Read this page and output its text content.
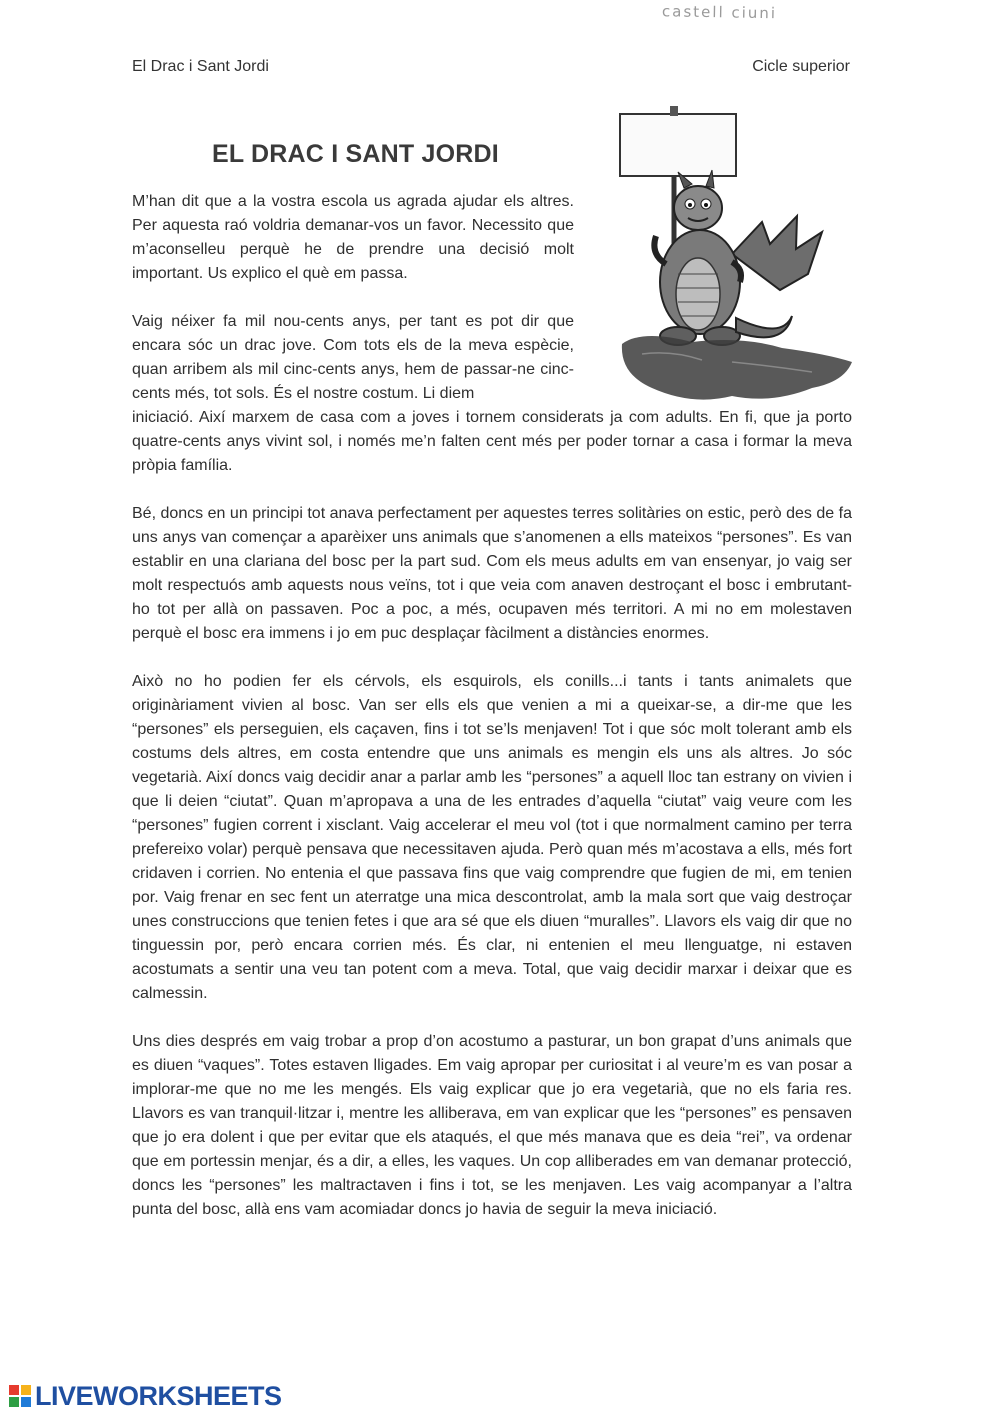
castell ciuni
El Drac i Sant Jordi	Cicle superior
EL DRAC I SANT JORDI

M’han dit que a la vostra escola us agrada ajudar els altres. Per aquesta raó voldria demanar-vos un favor. Necessito que m’aconselleu perquè he de prendre una decisió molt important. Us explico el què em passa.

Vaig néixer fa mil nou-cents anys, per tant es pot dir que encara sóc un drac jove. Com tots els de la meva espècie, quan arribem als mil cinc-cents anys, hem de passar-ne cinc-cents més, tot sols. És el nostre costum. Li diem

iniciació. Així marxem de casa com a joves i tornem considerats ja com adults. En fi, que ja porto quatre-cents anys vivint sol, i només me’n falten cent més per poder tornar a casa i formar la meva pròpia família.

Bé, doncs en un principi tot anava perfectament per aquestes terres solitàries on estic, però des de fa uns anys van començar a aparèixer uns animals que s’anomenen a ells mateixos “persones”. Es van establir en una clariana del bosc per la part sud. Com els meus adults em van ensenyar, jo vaig ser molt respectuós amb aquests nous veïns, tot i que veia com anaven destroçant el bosc i embrutant-ho tot per allà on passaven. Poc a poc, a més, ocupaven més territori. A mi no em molestaven perquè el bosc era immens i jo em puc desplaçar fàcilment a distàncies enormes.

Això no ho podien fer els cérvols, els esquirols, els conills...i tants i tants animalets que originàriament vivien al bosc. Van ser ells els que venien a mi a queixar-se, a dir-me que les “persones” els perseguien, els caçaven, fins i tot se’ls menjaven! Tot i que sóc molt tolerant amb els costums dels altres, em costa entendre que uns animals es mengin els uns als altres. Jo sóc vegetarià. Així doncs vaig decidir anar a parlar amb les “persones” a aquell lloc tan estrany on vivien i que li deien “ciutat”. Quan m’apropava a una de les entrades d’aquella “ciutat” vaig veure com les “persones” fugien corrent i xisclant. Vaig accelerar el meu vol (tot i que normalment camino per terra prefereixo volar) perquè pensava que necessitaven ajuda. Però quan més m’acostava a ells, més fort cridaven i corrien. No entenia el que passava fins que vaig comprendre que fugien de mi, em tenien por. Vaig frenar en sec fent un aterratge una mica descontrolat, amb la mala sort que vaig destroçar unes construccions que tenien fetes i que ara sé que els diuen “muralles”. Llavors els vaig dir que no tinguessin por, però encara corrien més. És clar, ni entenien el meu llenguatge, ni estaven acostumats a sentir una veu tan potent com a meva. Total, que vaig decidir marxar i deixar que es calmessin.

Uns dies després em vaig trobar a prop d’on acostumo a pasturar, un bon grapat d’uns animals que es diuen “vaques”. Totes estaven lligades. Em vaig apropar per curiositat i al veure’m es van posar a implorar-me que no me les mengés. Els vaig explicar que jo era vegetarià, que no els faria res. Llavors es van tranquil·litzar i, mentre les alliberava, em van explicar que les “persones” es pensaven que jo era dolent i que per evitar que els ataqués, el que més manava que es deia “rei”, va ordenar que em portessin menjar, és a dir, a elles, les vaques. Un cop alliberades em van demanar protecció, doncs les “persones” les maltractaven i fins i tot, se les menjaven. Les vaig acompanyar a l’altra punta del bosc, allà ens vam acomiadar doncs jo havia de seguir la meva iniciació.

LIVEWORKSHEETS
